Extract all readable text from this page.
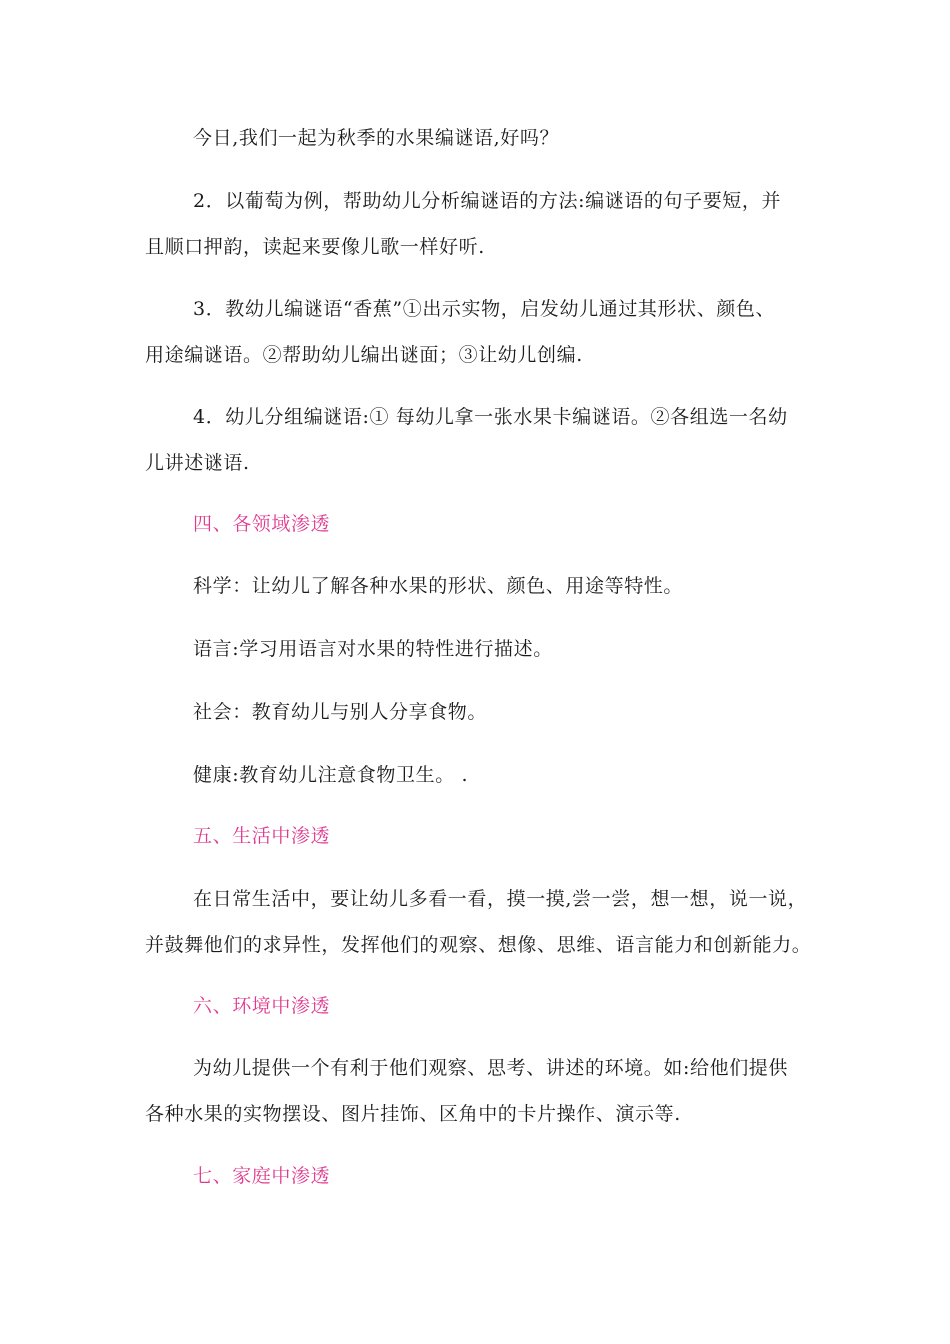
今日,我们一起为秋季的水果编谜语,好吗？
2．以葡萄为例，帮助幼儿分析编谜语的方法:编谜语的句子要短，并
且顺口押韵，读起来要像儿歌一样好听.
3．教幼儿编谜语“香蕉”①出示实物，启发幼儿通过其形状、颜色、
用途编谜语。②帮助幼儿编出谜面；③让幼儿创编.
4．幼儿分组编谜语:① 每幼儿拿一张水果卡编谜语。②各组选一名幼
儿讲述谜语.
四、各领域渗透
科学：让幼儿了解各种水果的形状、颜色、用途等特性。
语言:学习用语言对水果的特性进行描述。
社会：教育幼儿与别人分享食物。
健康:教育幼儿注意食物卫生。 .
五、生活中渗透
在日常生活中，要让幼儿多看一看，摸一摸,尝一尝，想一想，说一说，
并鼓舞他们的求异性，发挥他们的观察、想像、思维、语言能力和创新能力。
六、环境中渗透
为幼儿提供一个有利于他们观察、思考、讲述的环境。如:给他们提供
各种水果的实物摆设、图片挂饰、区角中的卡片操作、演示等.
七、家庭中渗透
